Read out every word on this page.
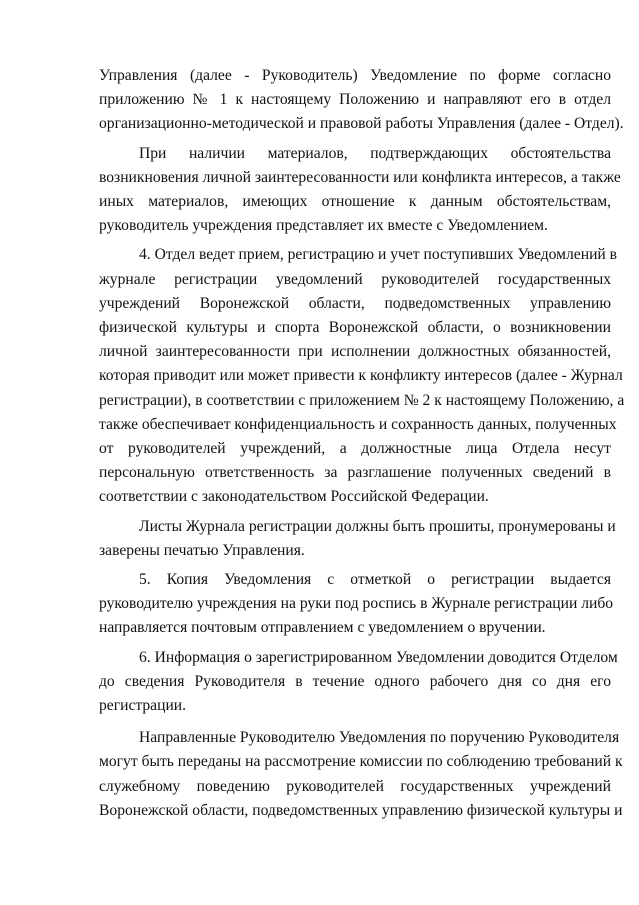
Управления (далее - Руководитель) Уведомление по форме согласно
приложению № 1 к настоящему Положению и направляют его в отдел
организационно-методической и правовой работы Управления (далее - Отдел).
При наличии материалов, подтверждающих обстоятельства
возникновения личной заинтересованности или конфликта интересов, а также
иных материалов, имеющих отношение к данным обстоятельствам,
руководитель учреждения представляет их вместе с Уведомлением.
4. Отдел ведет прием, регистрацию и учет поступивших Уведомлений в
журнале регистрации уведомлений руководителей государственных
учреждений Воронежской области, подведомственных управлению
физической культуры и спорта Воронежской области, о возникновении
личной заинтересованности при исполнении должностных обязанностей,
которая приводит или может привести к конфликту интересов (далее - Журнал
регистрации), в соответствии с приложением № 2 к настоящему Положению, а
также обеспечивает конфиденциальность и сохранность данных, полученных
от руководителей учреждений, а должностные лица Отдела несут
персональную ответственность за разглашение полученных сведений в
соответствии с законодательством Российской Федерации.
Листы Журнала регистрации должны быть прошиты, пронумерованы и
заверены печатью Управления.
5. Копия Уведомления с отметкой о регистрации выдается
руководителю учреждения на руки под роспись в Журнале регистрации либо
направляется почтовым отправлением с уведомлением о вручении.
6. Информация о зарегистрированном Уведомлении доводится Отделом
до сведения Руководителя в течение одного рабочего дня со дня его
регистрации.
Направленные Руководителю Уведомления по поручению Руководителя
могут быть переданы на рассмотрение комиссии по соблюдению требований к
служебному поведению руководителей государственных учреждений
Воронежской области, подведомственных управлению физической культуры и
